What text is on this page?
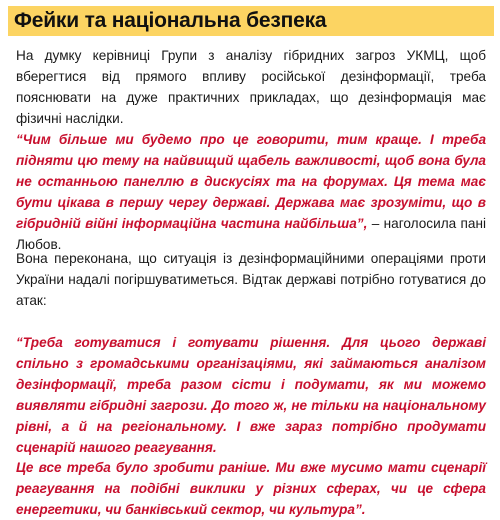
Фейки та національна безпека

На думку керівниці Групи з аналізу гібридних загроз УКМЦ, щоб вберегтися від прямого впливу російської дезінформації, треба пояснювати на дуже практичних прикладах, що дезінформація має фізичні наслідки.

“Чим більше ми будемо про це говорити, тим краще. І треба підняти цю тему на найвищий щабель важливості, щоб вона була не останньою панеллю в дискусіях та на форумах. Ця тема має бути цікава в першу чергу державі. Держава має зрозуміти, що в гібридній війні інформаційна частина найбільша”, – наголосила пані Любов.

Вона переконана, що ситуація із дезінформаційними операціями проти України надалі погіршуватиметься. Відтак державі потрібно готуватися до атак:

“Треба готуватися і готувати рішення. Для цього державі спільно з громадськими організаціями, які займаються аналізом дезінформації, треба разом сісти і подумати, як ми можемо виявляти гібридні загрози. До того ж, не тільки на національному рівні, а й на регіональному. І вже зараз потрібно продумати сценарій нашого реагування.

Це все треба було зробити раніше. Ми вже мусимо мати сценарії реагування на подібні виклики у різних сферах, чи це сфера енергетики, чи банківський сектор, чи культура”.
